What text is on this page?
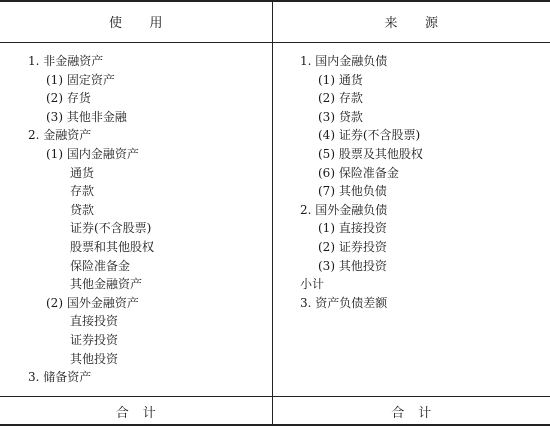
使　　用	来　　源
1. 非金融资产
(1) 固定资产
(2) 存货
(3) 其他非金融
2. 金融资产
(1) 国内金融资产
通货
存款
贷款
证券(不含股票)
股票和其他股权
保险准备金
其他金融资产
(2) 国外金融资产
直接投资
证券投资
其他投资
3. 储备资产
1. 国内金融负债
(1) 通货
(2) 存款
(3) 贷款
(4) 证券(不含股票)
(5) 股票及其他股权
(6) 保险准备金
(7) 其他负债
2. 国外金融负债
(1) 直接投资
(2) 证券投资
(3) 其他投资
小计
3. 资产负债差额
合　计	合　计
